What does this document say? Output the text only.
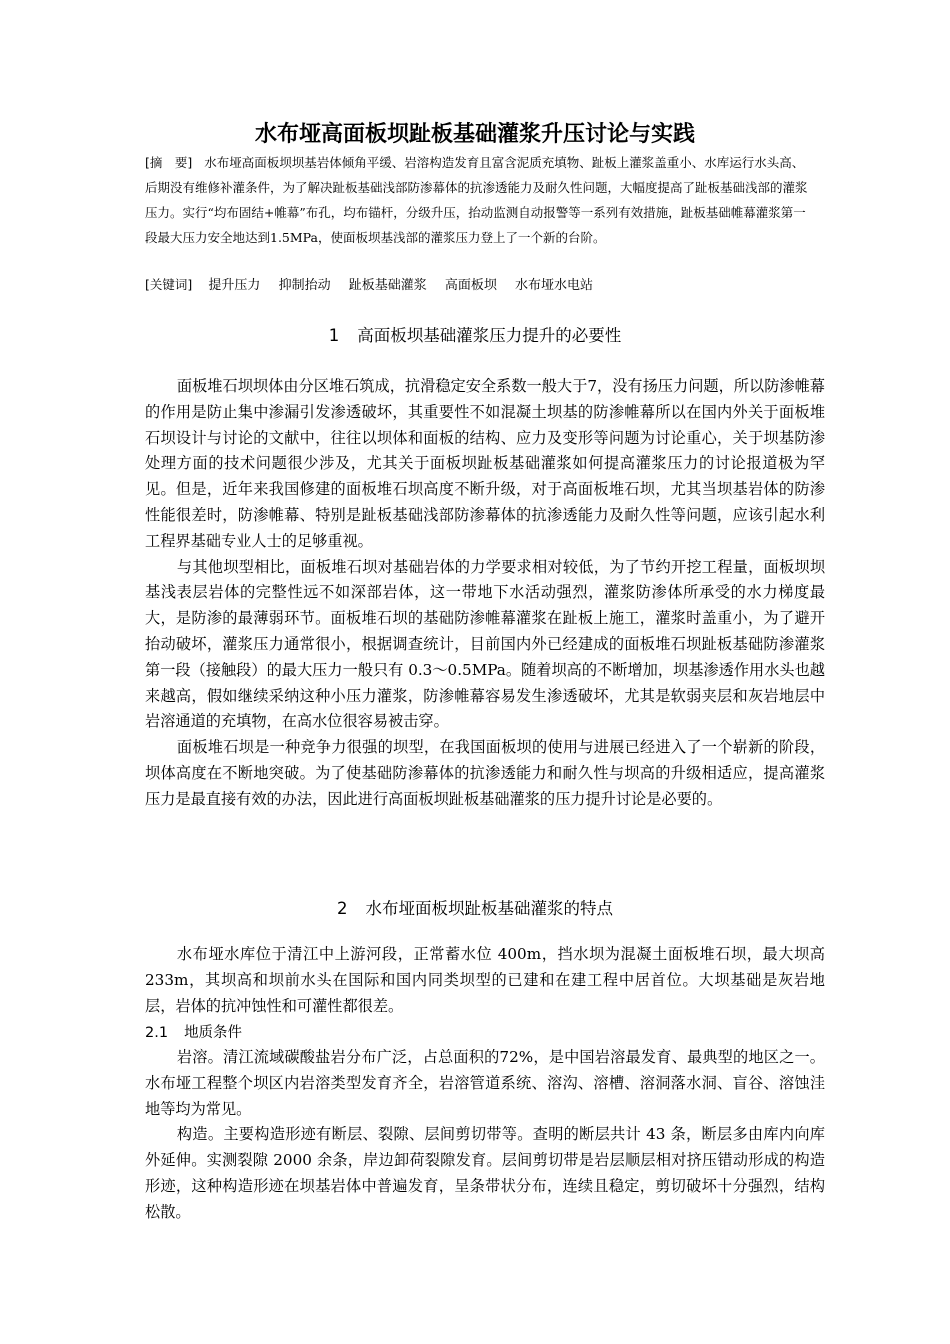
水布垭高面板坝趾板基础灌浆升压讨论与实践
[摘　要] 水布垭高面板坝坝基岩体倾角平缓、岩溶构造发育且富含泥质充填物、趾板上灌浆盖重小、水库运行水头高、后期没有维修补灌条件，为了解决趾板基础浅部防渗幕体的抗渗透能力及耐久性问题，大幅度提高了趾板基础浅部的灌浆压力。实行“均布固结+帷幕”布孔，均布锚杆，分级升压，抬动监测自动报警等一系列有效措施，趾板基础帷幕灌浆第一段最大压力安全地达到1.5MPa，使面板坝基浅部的灌浆压力登上了一个新的台阶。
[关键词] 提升压力 抑制抬动 趾板基础灌浆 高面板坝 水布垭水电站
1 高面板坝基础灌浆压力提升的必要性

面板堆石坝坝体由分区堆石筑成，抗滑稳定安全系数一般大于7，没有扬压力问题，所以防渗帷幕的作用是防止集中渗漏引发渗透破坏，其重要性不如混凝土坝基的防渗帷幕所以在国内外关于面板堆石坝设计与讨论的文献中，往往以坝体和面板的结构、应力及变形等问题为讨论重心，关于坝基防渗处理方面的技术问题很少涉及，尤其关于面板坝趾板基础灌浆如何提高灌浆压力的讨论报道极为罕见。但是，近年来我国修建的面板堆石坝高度不断升级，对于高面板堆石坝，尤其当坝基岩体的防渗性能很差时，防渗帷幕、特别是趾板基础浅部防渗幕体的抗渗透能力及耐久性等问题，应该引起水利工程界基础专业人士的足够重视。

与其他坝型相比，面板堆石坝对基础岩体的力学要求相对较低，为了节约开挖工程量，面板坝坝基浅表层岩体的完整性远不如深部岩体，这一带地下水活动强烈，灌浆防渗体所承受的水力梯度最大，是防渗的最薄弱环节。面板堆石坝的基础防渗帷幕灌浆在趾板上施工，灌浆时盖重小，为了避开抬动破坏，灌浆压力通常很小，根据调查统计，目前国内外已经建成的面板堆石坝趾板基础防渗灌浆第一段（接触段）的最大压力一般只有 0.3～0.5MPa。随着坝高的不断增加，坝基渗透作用水头也越来越高，假如继续采纳这种小压力灌浆，防渗帷幕容易发生渗透破坏，尤其是软弱夹层和灰岩地层中岩溶通道的充填物，在高水位很容易被击穿。

面板堆石坝是一种竞争力很强的坝型，在我国面板坝的使用与进展已经进入了一个崭新的阶段，坝体高度在不断地突破。为了使基础防渗幕体的抗渗透能力和耐久性与坝高的升级相适应，提高灌浆压力是最直接有效的办法，因此进行高面板坝趾板基础灌浆的压力提升讨论是必要的。

2 水布垭面板坝趾板基础灌浆的特点

水布垭水库位于清江中上游河段，正常蓄水位 400m，挡水坝为混凝土面板堆石坝，最大坝高 233m，其坝高和坝前水头在国际和国内同类坝型的已建和在建工程中居首位。大坝基础是灰岩地层，岩体的抗冲蚀性和可灌性都很差。

2.1 地质条件

岩溶。清江流域碳酸盐岩分布广泛，占总面积的72%，是中国岩溶最发育、最典型的地区之一。水布垭工程整个坝区内岩溶类型发育齐全，岩溶管道系统、溶沟、溶槽、溶洞落水洞、盲谷、溶蚀洼地等均为常见。

构造。主要构造形迹有断层、裂隙、层间剪切带等。查明的断层共计 43 条，断层多由库内向库外延伸。实测裂隙 2000 余条，岸边卸荷裂隙发育。层间剪切带是岩层顺层相对挤压错动形成的构造形迹，这种构造形迹在坝基岩体中普遍发育，呈条带状分布，连续且稳定，剪切破坏十分强烈，结构松散。
